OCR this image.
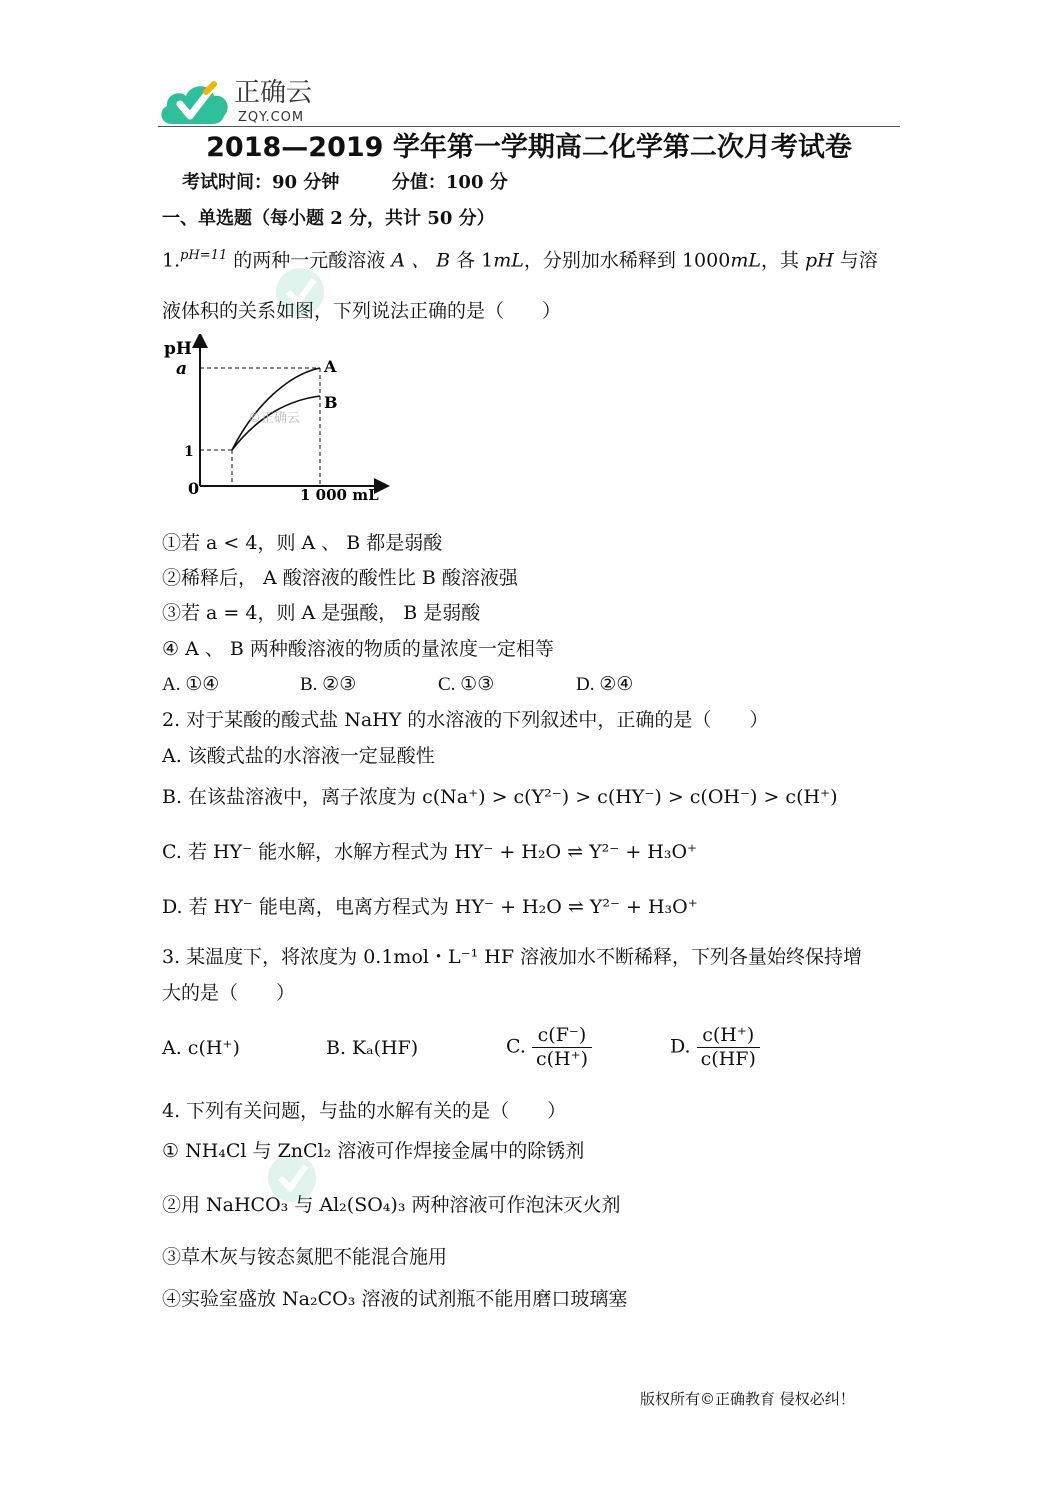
正确云
ZQY.COM
2018—2019 学年第一学期高二化学第二次月考试卷
考试时间：90 分钟	分值：100 分
一、单选题（每小题 2 分，共计 50 分）
1.$^{pH=11}$ 的两种一元酸溶液 A 、 B 各 1mL，分别加水稀释到 1000mL，其 pH 与溶
液体积的关系如图，下列说法正确的是（　　）
pH
a
1
0
A
B
1 000 mL
©正确云
①若 a < 4，则 A 、 B 都是弱酸
②稀释后， A 酸溶液的酸性比 B 酸溶液强
③若 a = 4，则 A 是强酸， B 是弱酸
④ A 、 B 两种酸溶液的物质的量浓度一定相等
A. ①④	B. ②③	C. ①③	D. ②④
2. 对于某酸的酸式盐 NaHY 的水溶液的下列叙述中，正确的是（　　）
A. 该酸式盐的水溶液一定显酸性
B. 在该盐溶液中，离子浓度为 c(Na⁺) > c(Y²⁻) > c(HY⁻) > c(OH⁻) > c(H⁺)
C. 若 HY⁻ 能水解，水解方程式为 HY⁻ + H₂O ⇌ Y²⁻ + H₃O⁺
D. 若 HY⁻ 能电离，电离方程式为 HY⁻ + H₂O ⇌ Y²⁻ + H₃O⁺
3. 某温度下，将浓度为 0.1mol・L⁻¹ HF 溶液加水不断稀释，下列各量始终保持增
大的是（　　）
A. c(H⁺)	B. Kₐ(HF)	C. $\frac{c(F^-)}{c(H^+)}$	D. $\frac{c(H^+)}{c(HF)}$
4. 下列有关问题，与盐的水解有关的是（　　）
① NH₄Cl 与 ZnCl₂ 溶液可作焊接金属中的除锈剂
②用 NaHCO₃ 与 Al₂(SO₄)₃ 两种溶液可作泡沫灭火剂
③草木灰与铵态氮肥不能混合施用
④实验室盛放 Na₂CO₃ 溶液的试剂瓶不能用磨口玻璃塞
版权所有©正确教育 侵权必纠！
